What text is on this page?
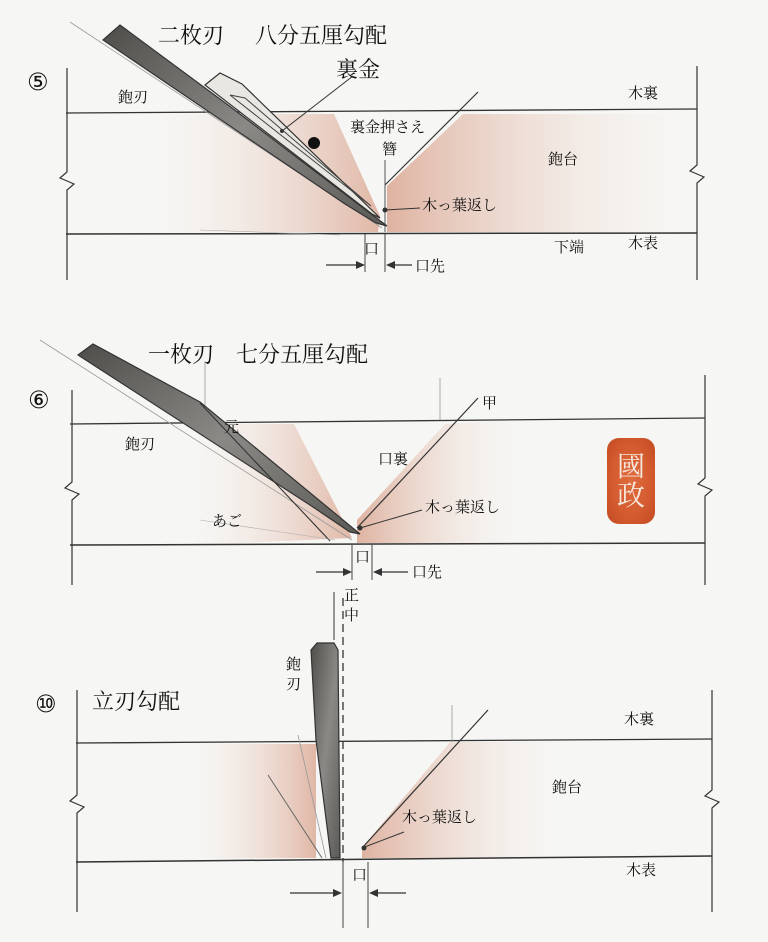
⑤
二枚刃 八分五厘勾配
裏金
鉋刃	木裏
裏金押さえ
簪
鉋台
木っ葉返し
口	下端	木表
口先
⑥
一枚刃 七分五厘勾配
甲
元
鉋刃
口裏
木っ葉返し
あご
口
口先
國
政
正中
鉋刃
⑩ 立刃勾配
木裏
鉋台
木っ葉返し
口	木表
